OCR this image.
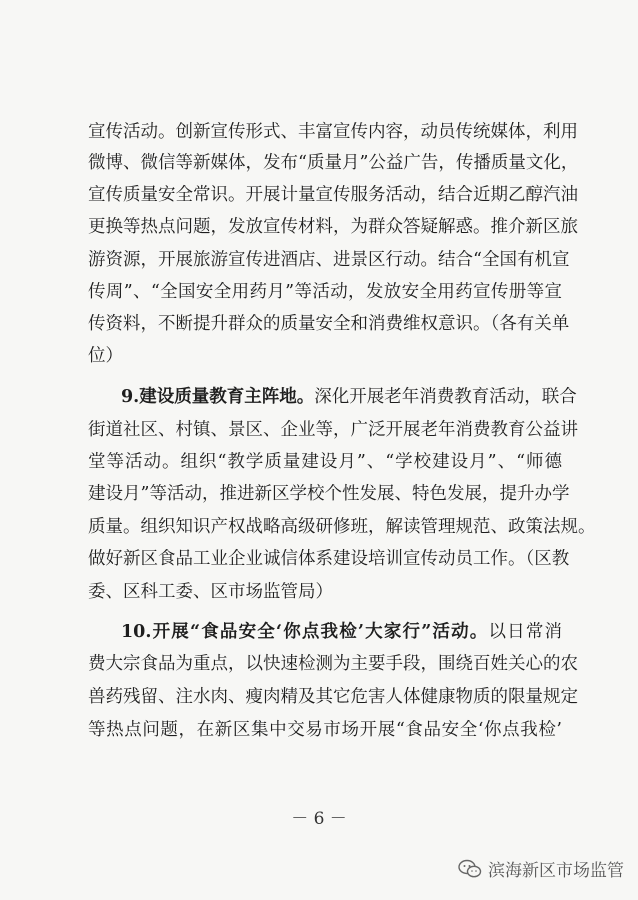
宣传活动。创新宣传形式、丰富宣传内容，动员传统媒体，利用
微博、微信等新媒体，发布“质量月”公益广告，传播质量文化，
宣传质量安全常识。开展计量宣传服务活动，结合近期乙醇汽油
更换等热点问题，发放宣传材料，为群众答疑解惑。推介新区旅
游资源，开展旅游宣传进酒店、进景区行动。结合“全国有机宣
传周”、“全国安全用药月”等活动，发放安全用药宣传册等宣
传资料，不断提升群众的质量安全和消费维权意识。（各有关单
位）
9.建设质量教育主阵地。深化开展老年消费教育活动，联合
街道社区、村镇、景区、企业等，广泛开展老年消费教育公益讲
堂等活动。组织“教学质量建设月”、“学校建设月”、“师德
建设月”等活动，推进新区学校个性发展、特色发展，提升办学
质量。组织知识产权战略高级研修班，解读管理规范、政策法规。
做好新区食品工业企业诚信体系建设培训宣传动员工作。（区教
委、区科工委、区市场监管局）
10.开展“食品安全‘你点我检’大家行”活动。以日常消
费大宗食品为重点，以快速检测为主要手段，围绕百姓关心的农
兽药残留、注水肉、瘦肉精及其它危害人体健康物质的限量规定
等热点问题，在新区集中交易市场开展“食品安全‘你点我检’
－ 6 －
滨海新区市场监管
